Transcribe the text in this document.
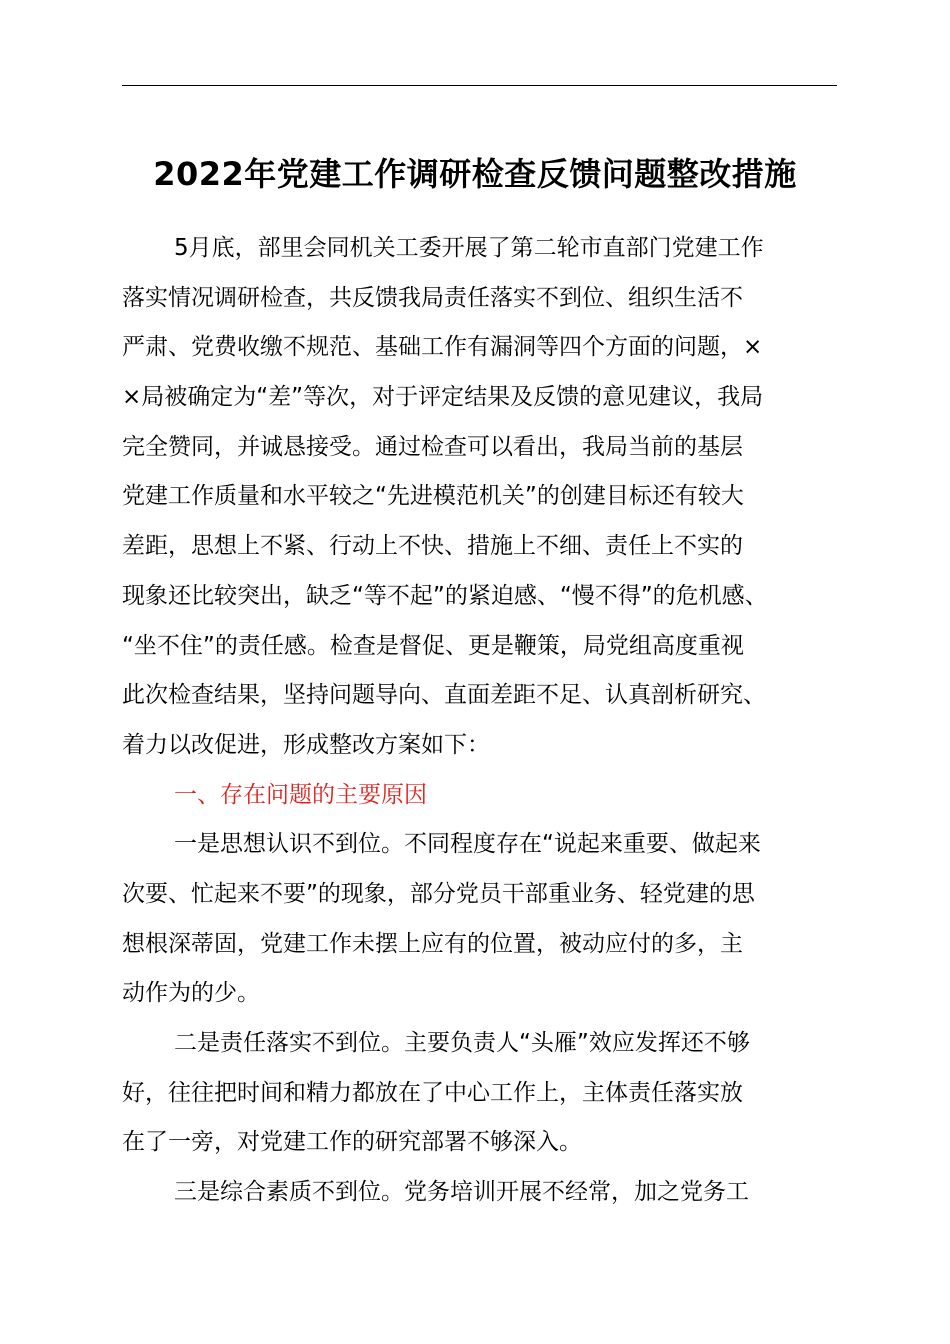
2022年党建工作调研检查反馈问题整改措施

5月底，部里会同机关工委开展了第二轮市直部门党建工作
落实情况调研检查，共反馈我局责任落实不到位、组织生活不
严肃、党费收缴不规范、基础工作有漏洞等四个方面的问题，×
×局被确定为“差”等次，对于评定结果及反馈的意见建议，我局
完全赞同，并诚恳接受。通过检查可以看出，我局当前的基层
党建工作质量和水平较之“先进模范机关”的创建目标还有较大
差距，思想上不紧、行动上不快、措施上不细、责任上不实的
现象还比较突出，缺乏“等不起”的紧迫感、“慢不得”的危机感、
“坐不住”的责任感。检查是督促、更是鞭策，局党组高度重视
此次检查结果，坚持问题导向、直面差距不足、认真剖析研究、
着力以改促进，形成整改方案如下：

一、存在问题的主要原因

一是思想认识不到位。不同程度存在“说起来重要、做起来
次要、忙起来不要”的现象，部分党员干部重业务、轻党建的思
想根深蒂固，党建工作未摆上应有的位置，被动应付的多，主
动作为的少。

二是责任落实不到位。主要负责人“头雁”效应发挥还不够
好，往往把时间和精力都放在了中心工作上，主体责任落实放
在了一旁，对党建工作的研究部署不够深入。

三是综合素质不到位。党务培训开展不经常，加之党务工
